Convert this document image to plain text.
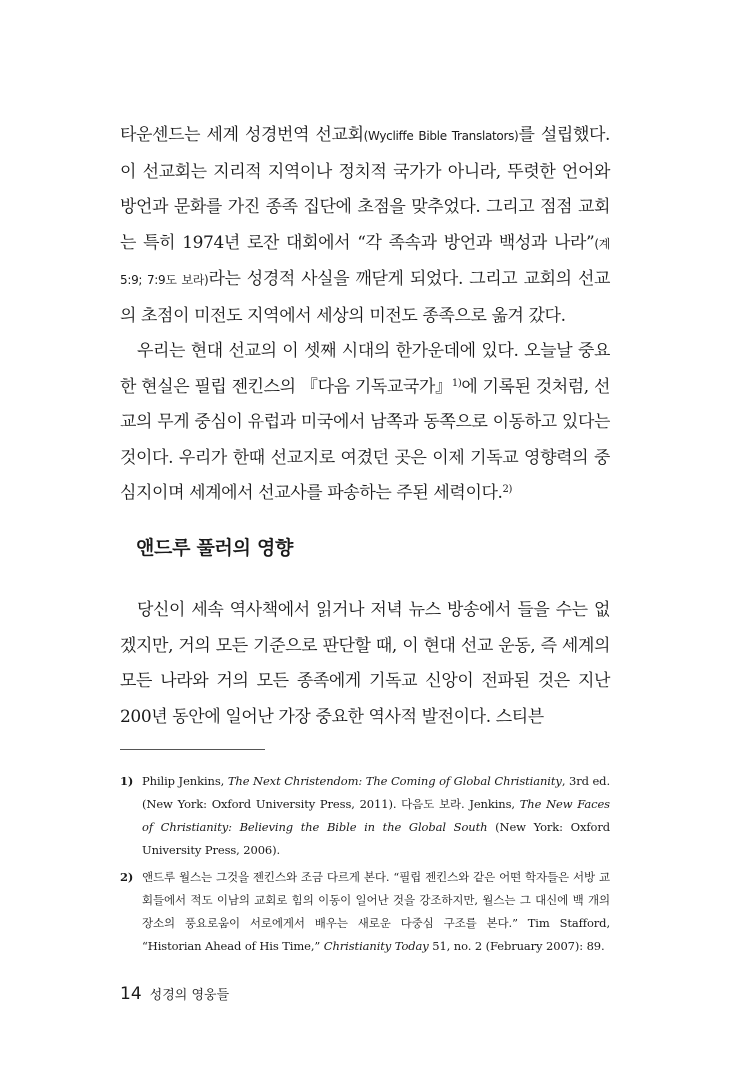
타운센드는 세계 성경번역 선교회(Wycliffe Bible Translators)를 설립했다. 이 선교회는 지리적 지역이나 정치적 국가가 아니라, 뚜렷한 언어와 방언과 문화를 가진 종족 집단에 초점을 맞추었다. 그리고 점점 교회는 특히 1974년 로잔 대회에서 “각 족속과 방언과 백성과 나라”(계 5:9; 7:9도 보라)라는 성경적 사실을 깨닫게 되었다. 그리고 교회의 선교의 초점이 미전도 지역에서 세상의 미전도 종족으로 옮겨 갔다.

우리는 현대 선교의 이 셋째 시대의 한가운데에 있다. 오늘날 중요한 현실은 필립 젠킨스의 『다음 기독교국가』$^{1)}$에 기록된 것처럼, 선교의 무게 중심이 유럽과 미국에서 남쪽과 동쪽으로 이동하고 있다는 것이다. 우리가 한때 선교지로 여겼던 곳은 이제 기독교 영향력의 중심지이며 세계에서 선교사를 파송하는 주된 세력이다.$^{2)}$

앤드루 풀러의 영향

당신이 세속 역사책에서 읽거나 저녁 뉴스 방송에서 들을 수는 없겠지만, 거의 모든 기준으로 판단할 때, 이 현대 선교 운동, 즉 세계의 모든 나라와 거의 모든 종족에게 기독교 신앙이 전파된 것은 지난 200년 동안에 일어난 가장 중요한 역사적 발전이다. 스티븐

1) Philip Jenkins, The Next Christendom: The Coming of Global Christianity, 3rd ed. (New York: Oxford University Press, 2011). 다음도 보라. Jenkins, The New Faces of Christianity: Believing the Bible in the Global South (New York: Oxford University Press, 2006).

2) 앤드루 월스는 그것을 젠킨스와 조금 다르게 본다. “필립 젠킨스와 같은 어떤 학자들은 서방 교회들에서 적도 이남의 교회로 힘의 이동이 일어난 것을 강조하지만, 월스는 그 대신에 백 개의 장소의 풍요로움이 서로에게서 배우는 새로운 다중심 구조를 본다.” Tim Stafford, “Historian Ahead of His Time,” Christianity Today 51, no. 2 (February 2007): 89.

14 성경의 영웅들
